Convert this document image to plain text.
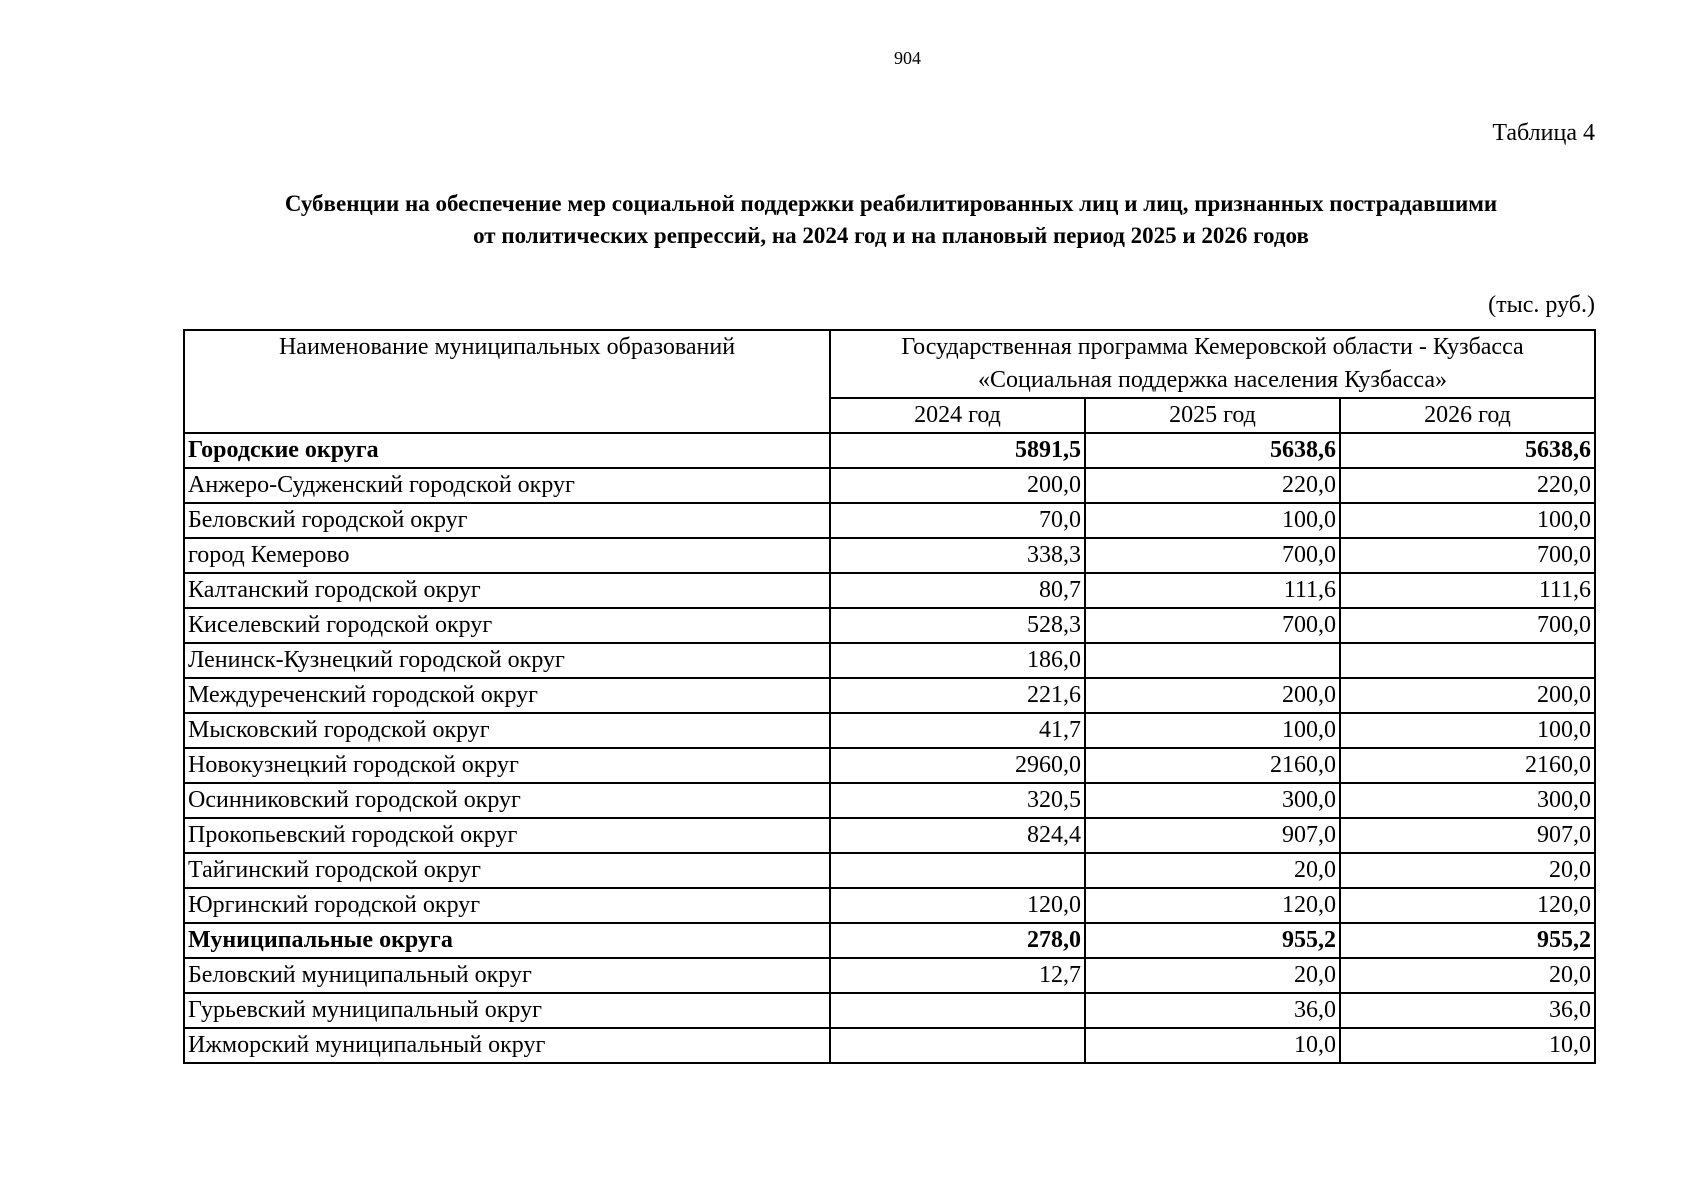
904
Таблица 4
Субвенции на обеспечение мер социальной поддержки реабилитированных лиц и лиц, признанных пострадавшими
от политических репрессий, на 2024 год и на плановый период 2025 и 2026 годов
(тыс. руб.)
Наименование муниципальных образований	Государственная программа Кемеровской области - Кузбасса
«Социальная поддержка населения Кузбасса»		

	2024 год	2025 год	2026 год
Городские округа	5891,5	5638,6	5638,6
Анжеро-Судженский городской округ	200,0	220,0	220,0
Беловский городской округ	70,0	100,0	100,0
город Кемерово	338,3	700,0	700,0
Калтанский городской округ	80,7	111,6	111,6
Киселевский городской округ	528,3	700,0	700,0
Ленинск-Кузнецкий городской округ	186,0		
Междуреченский городской округ	221,6	200,0	200,0
Мысковский городской округ	41,7	100,0	100,0
Новокузнецкий городской округ	2960,0	2160,0	2160,0
Осинниковский городской округ	320,5	300,0	300,0
Прокопьевский городской округ	824,4	907,0	907,0
Тайгинский городской округ		20,0	20,0
Юргинский городской округ	120,0	120,0	120,0
Муниципальные округа	278,0	955,2	955,2
Беловский муниципальный округ	12,7	20,0	20,0
Гурьевский муниципальный округ		36,0	36,0
Ижморский муниципальный округ		10,0	10,0
